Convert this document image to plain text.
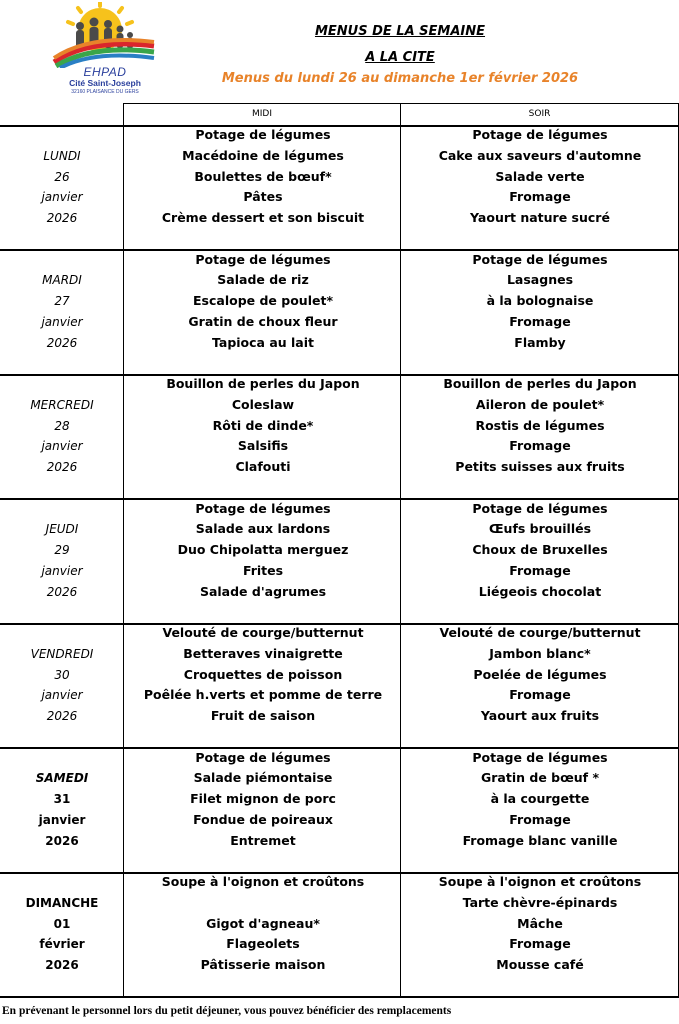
EHPAD
Cité Saint-Joseph
32160 PLAISANCE DU GERS
MENUS DE LA SEMAINE
A LA CITE
Menus du lundi 26 au dimanche 1er février 2026
MIDI	SOIR
LUNDI
26
janvier
2026
Potage de légumes
Macédoine de légumes
Boulettes de bœuf*
Pâtes
Crème dessert et son biscuit
Potage de légumes
Cake aux saveurs d'automne
Salade verte
Fromage
Yaourt nature sucré
MARDI
27
janvier
2026
Potage de légumes
Salade de riz
Escalope de poulet*
Gratin de choux fleur
Tapioca au lait
Potage de légumes
Lasagnes
à la bolognaise
Fromage
Flamby
MERCREDI
28
janvier
2026
Bouillon de perles du Japon
Coleslaw
Rôti de dinde*
Salsifis
Clafouti
Bouillon de perles du Japon
Aileron de poulet*
Rostis de légumes
Fromage
Petits suisses aux fruits
JEUDI
29
janvier
2026
Potage de légumes
Salade aux lardons
Duo Chipolatta merguez
Frites
Salade d'agrumes
Potage de légumes
Œufs brouillés
Choux de Bruxelles
Fromage
Liégeois chocolat
VENDREDI
30
janvier
2026
Velouté de courge/butternut
Betteraves vinaigrette
Croquettes de poisson
Poêlée h.verts et pomme de terre
Fruit de saison
Velouté de courge/butternut
Jambon blanc*
Poelée de légumes
Fromage
Yaourt aux fruits
SAMEDI
31
janvier
2026
Potage de légumes
Salade piémontaise
Filet mignon de porc
Fondue de poireaux
Entremet
Potage de légumes
Gratin de bœuf *
à la courgette
Fromage
Fromage blanc vanille
DIMANCHE
01
février
2026
Soupe à l'oignon et croûtons
Gigot d'agneau*
Flageolets
Pâtisserie maison
Soupe à l'oignon et croûtons
Tarte chèvre-épinards
Mâche
Fromage
Mousse café
En prévenant le personnel lors du petit déjeuner, vous pouvez bénéficier des remplacements
